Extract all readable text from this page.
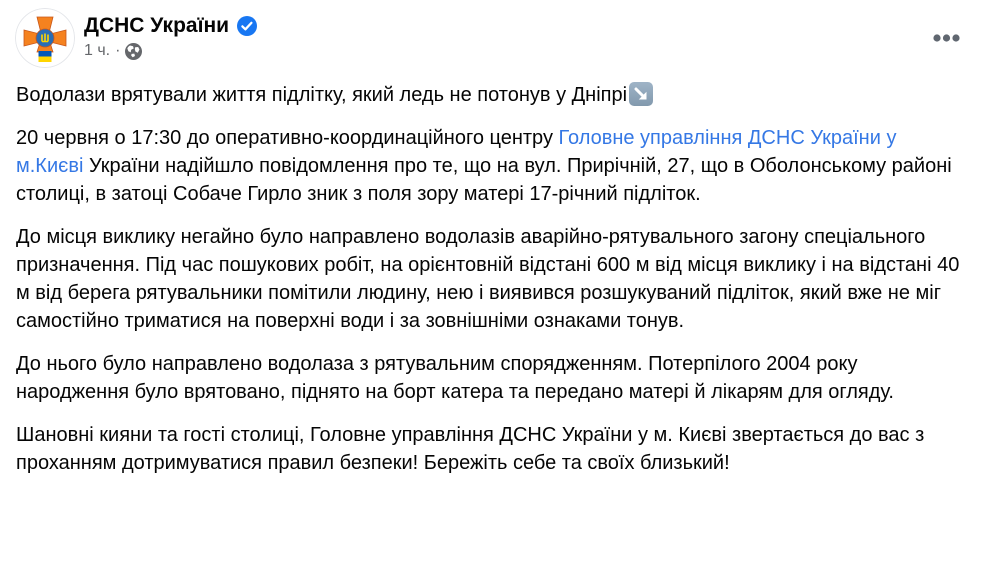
ДСНС України
1 ч. ·

Водолази врятували життя підлітку, який ледь не потонув у Дніпрі

20 червня о 17:30 до оперативно-координаційного центру Головне управління ДСНС України у м.Києві України надійшло повідомлення про те, що на вул. Прирічній, 27, що в Оболонському районі столиці, в затоці Собаче Гирло зник з поля зору матері 17-річний підліток.

До місця виклику негайно було направлено водолазів аварійно-рятувального загону спеціального призначення. Під час пошукових робіт, на орієнтовній відстані 600 м від місця виклику і на відстані 40 м від берега рятувальники помітили людину, нею і виявився розшукуваний підліток, який вже не міг самостійно триматися на поверхні води і за зовнішніми ознаками тонув.

До нього було направлено водолаза з рятувальним спорядженням. Потерпілого 2004 року народження було врятовано, піднято на борт катера та передано матері й лікарям для огляду.

Шановні кияни та гості столиці, Головне управління ДСНС України у м. Києві звертається до вас з проханням дотримуватися правил безпеки! Бережіть себе та своїх близький!
